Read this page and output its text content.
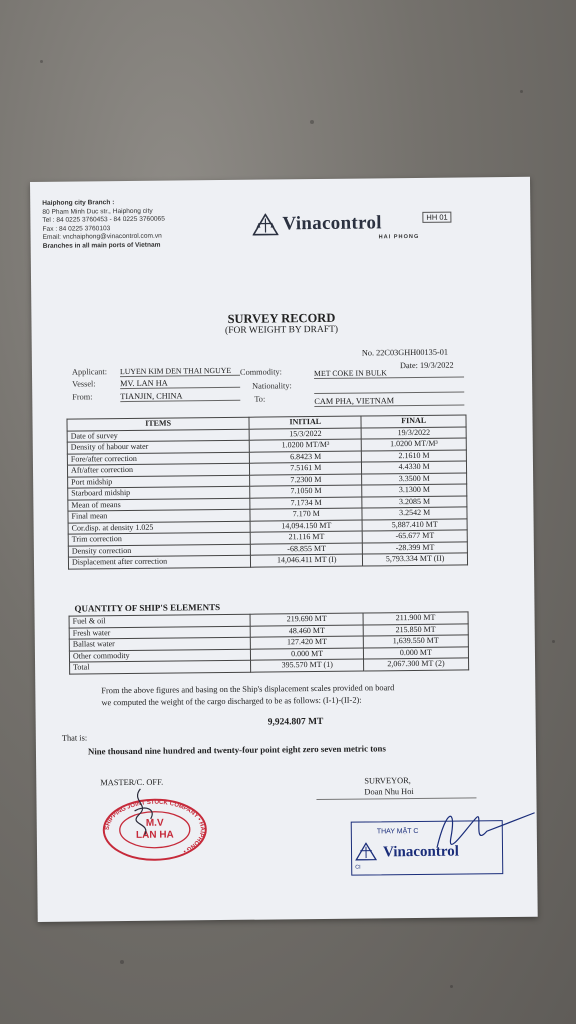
Haiphong city Branch :
80 Pham Minh Duc str., Haiphong city
Tel : 84 0225 3760453 - 84 0225 3760065
Fax : 84 0225 3760103
Email: vnchaiphong@vinacontrol.com.vn
Branches in all main ports of Vietnam
Vinacontrol
HAI PHONG
HH 01
SURVEY RECORD
(FOR WEIGHT BY DRAFT)
No. 22C03GHH00135-01
Date: 19/3/2022
Applicant: LUYEN KIM DEN THAI NGUYE	Commodity:	MET COKE IN BULK
Vessel:	MV. LAN HA	Nationality:
From:	TIANJIN, CHINA	To:	CAM PHA, VIETNAM
ITEMS	INITIAL	FINAL
Date of survey	15/3/2022	19/3/2022
Density of habour water	1.0200 MT/M³	1.0200 MT/M³
Fore/after correction	6.8423 M	2.1610 M
Aft/after correction	7.5161 M	4.4330 M
Port midship	7.2300 M	3.3500 M
Starboard midship	7.1050 M	3.1300 M
Mean of means	7.1734 M	3.2085 M
Final mean	7.170 M	3.2542 M
Cor.disp. at density 1.025	14,094.150 MT	5,887.410 MT
Trim correction	21.116 MT	-65.677 MT
Density correction	-68.855 MT	-28.399 MT
Displacement after correction	14,046.411 MT (I)	5,793.334 MT (II)
QUANTITY OF SHIP'S ELEMENTS
Fuel & oil	219.690 MT	211.900 MT
Fresh water	48.460 MT	215.850 MT
Ballast water	127.420 MT	1,639.550 MT
Other commodity	0.000 MT	0.000 MT
Total	395.570 MT (1)	2,067.300 MT (2)
From the above figures and basing on the Ship's displacement scales provided on board
we computed the weight of the cargo discharged to be as follows: (I-1)-(II-2):
9,924.807 MT
That is:
Nine thousand nine hundred and twenty-four point eight zero seven metric tons
MASTER/C. OFF.	SURVEYOR,
Doan Nhu Hoi
SHIPPING JOINT STOCK COMPANY • HAIPHONG •
M.V
LAN HA	THAY MẶT C
Vinacontrol
CI
